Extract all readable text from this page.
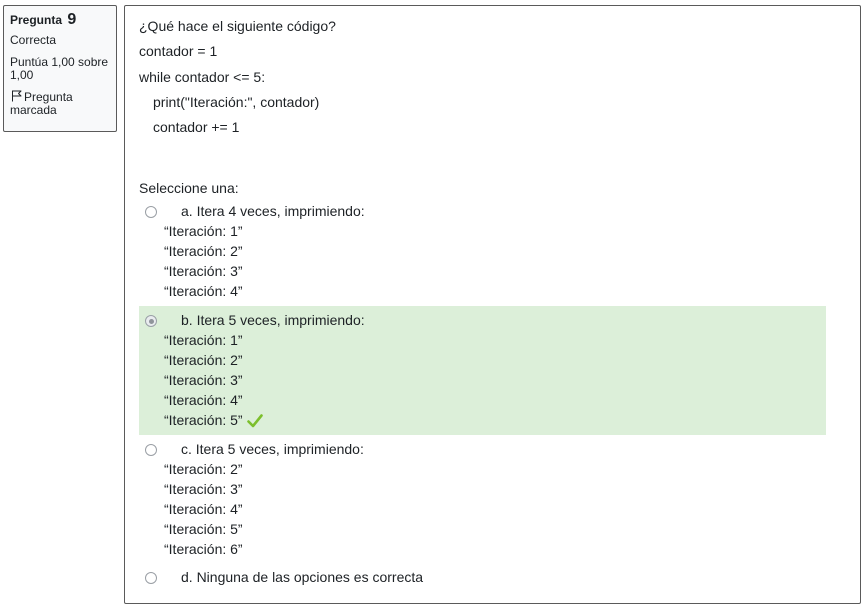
Pregunta 9
Correcta
Puntúa 1,00 sobre 1,00
Pregunta marcada

¿Qué hace el siguiente código?

contador = 1

while contador <= 5:

print("Iteración:", contador)

contador += 1

Seleccione una:
a. Itera 4 veces, imprimiendo:
“Iteración: 1”
“Iteración: 2”
“Iteración: 3”
“Iteración: 4”
b. Itera 5 veces, imprimiendo:
“Iteración: 1”
“Iteración: 2”
“Iteración: 3”
“Iteración: 4”
“Iteración: 5”
c. Itera 5 veces, imprimiendo:
“Iteración: 2”
“Iteración: 3”
“Iteración: 4”
“Iteración: 5”
“Iteración: 6”
d. Ninguna de las opciones es correcta
